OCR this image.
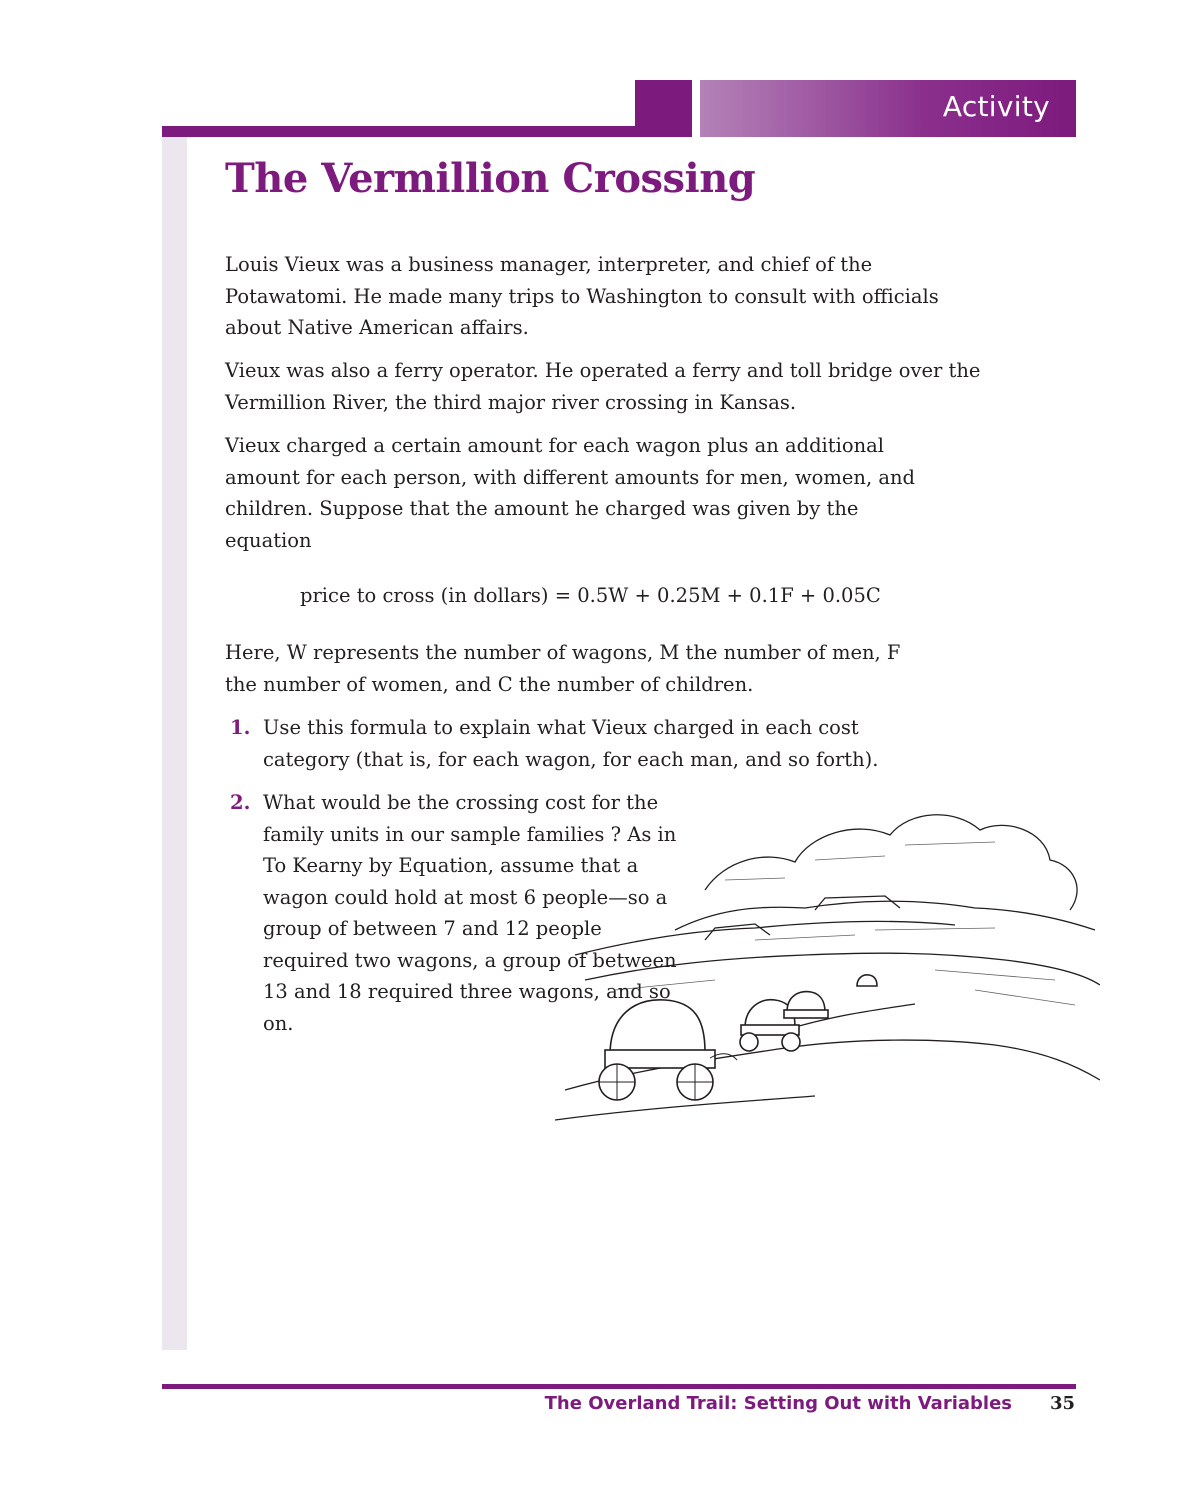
Activity
The Vermillion Crossing

Louis Vieux was a business manager, interpreter, and chief of the Potawatomi. He made many trips to Washington to consult with officials about Native American affairs.

Vieux was also a ferry operator. He operated a ferry and toll bridge over the Vermillion River, the third major river crossing in Kansas.

Vieux charged a certain amount for each wagon plus an additional amount for each person, with different amounts for men, women, and children. Suppose that the amount he charged was given by the equation

price to cross (in dollars) = 0.5W + 0.25M + 0.1F + 0.05C

Here, W represents the number of wagons, M the number of men, F the number of women, and C the number of children.

1. Use this formula to explain what Vieux charged in each cost category (that is, for each wagon, for each man, and so forth).
2. What would be the crossing cost for the family units in our sample families ? As in To Kearny by Equation, assume that a wagon could hold at most 6 people—so a group of between 7 and 12 people required two wagons, a group of between 13 and 18 required three wagons, and so on.

The Overland Trail: Setting Out with Variables 35
